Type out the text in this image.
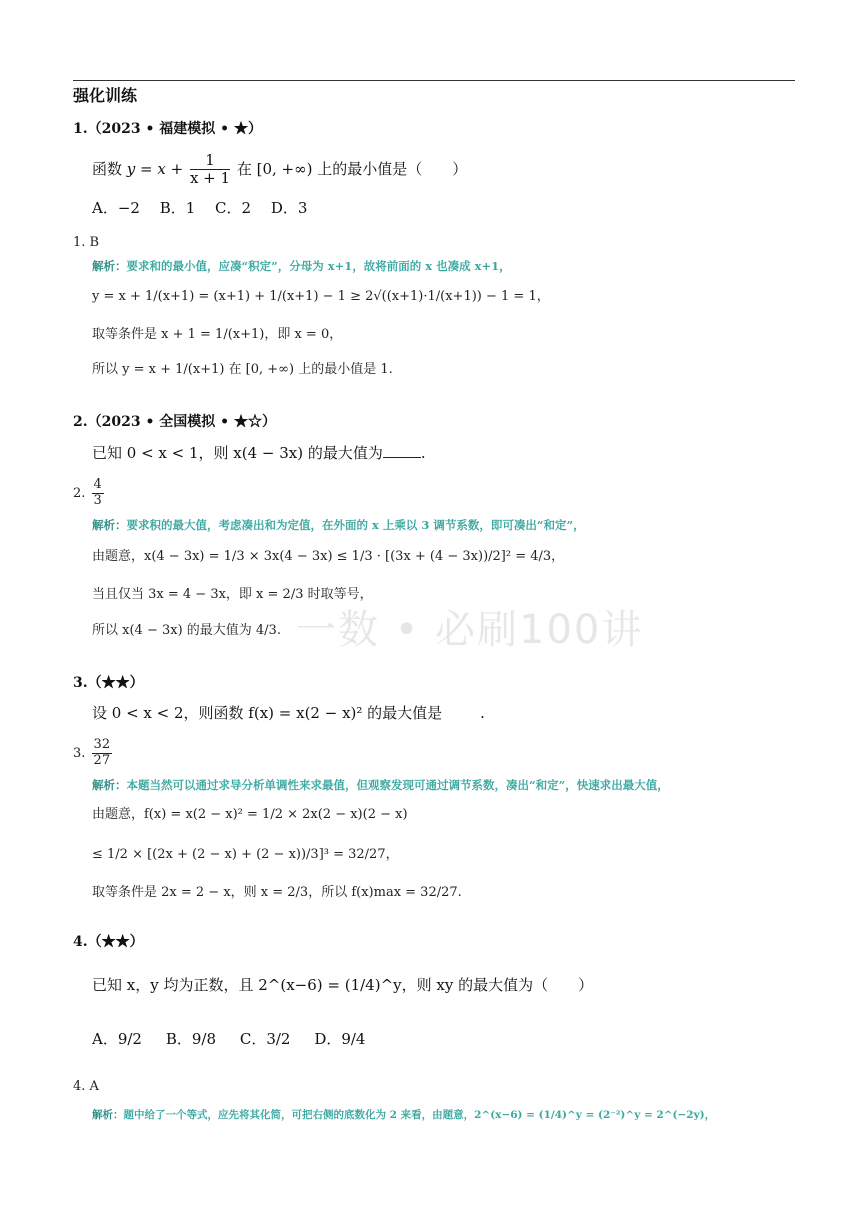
强化训练
一数 • 必刷100讲
1.（2023 • 福建模拟 • ★）
函数 $y = x + \frac{1}{x + 1}$ 在 [0, +∞) 上的最小值是（　　）
A．−2　 B．1　 C．2　 D．3
1. B
解析：要求和的最小值，应凑“积定”，分母为 x+1，故将前面的 x 也凑成 x+1，
y = x + 1/(x+1) = (x+1) + 1/(x+1) − 1 ≥ 2√((x+1)·1/(x+1)) − 1 = 1，
取等条件是 x + 1 = 1/(x+1)，即 x = 0，
所以 y = x + 1/(x+1) 在 [0, +∞) 上的最小值是 1.
2.（2023 • 全国模拟 • ★☆）
已知 0 < x < 1，则 x(4 − 3x) 的最大值为	.
2. $\frac{4}{3}$
解析：要求积的最大值，考虑凑出和为定值，在外面的 x 上乘以 3 调节系数，即可凑出“和定”，
由题意，x(4 − 3x) = 1/3 × 3x(4 − 3x) ≤ 1/3 · [(3x + (4 − 3x))/2]² = 4/3，
当且仅当 3x = 4 − 3x，即 x = 2/3 时取等号，
所以 x(4 − 3x) 的最大值为 4/3.
3.（★★）
设 0 < x < 2，则函数 f(x) = x(2 − x)² 的最大值是	.
3. $\frac{32}{27}$
解析：本题当然可以通过求导分析单调性来求最值，但观察发现可通过调节系数，凑出“和定”，快速求出最大值，
由题意，f(x) = x(2 − x)² = 1/2 × 2x(2 − x)(2 − x)
≤ 1/2 × [(2x + (2 − x) + (2 − x))/3]³ = 32/27，
取等条件是 2x = 2 − x，则 x = 2/3，所以 f(x)max = 32/27.
4.（★★）
已知 x，y 均为正数，且 2^(x−6) = (1/4)^y，则 xy 的最大值为（　　）
A．9/2 B．9/8 C．3/2 D．9/4
4. A
解析：题中给了一个等式，应先将其化简，可把右侧的底数化为 2 来看，由题意，2^(x−6) = (1/4)^y = (2⁻²)^y = 2^(−2y)，
